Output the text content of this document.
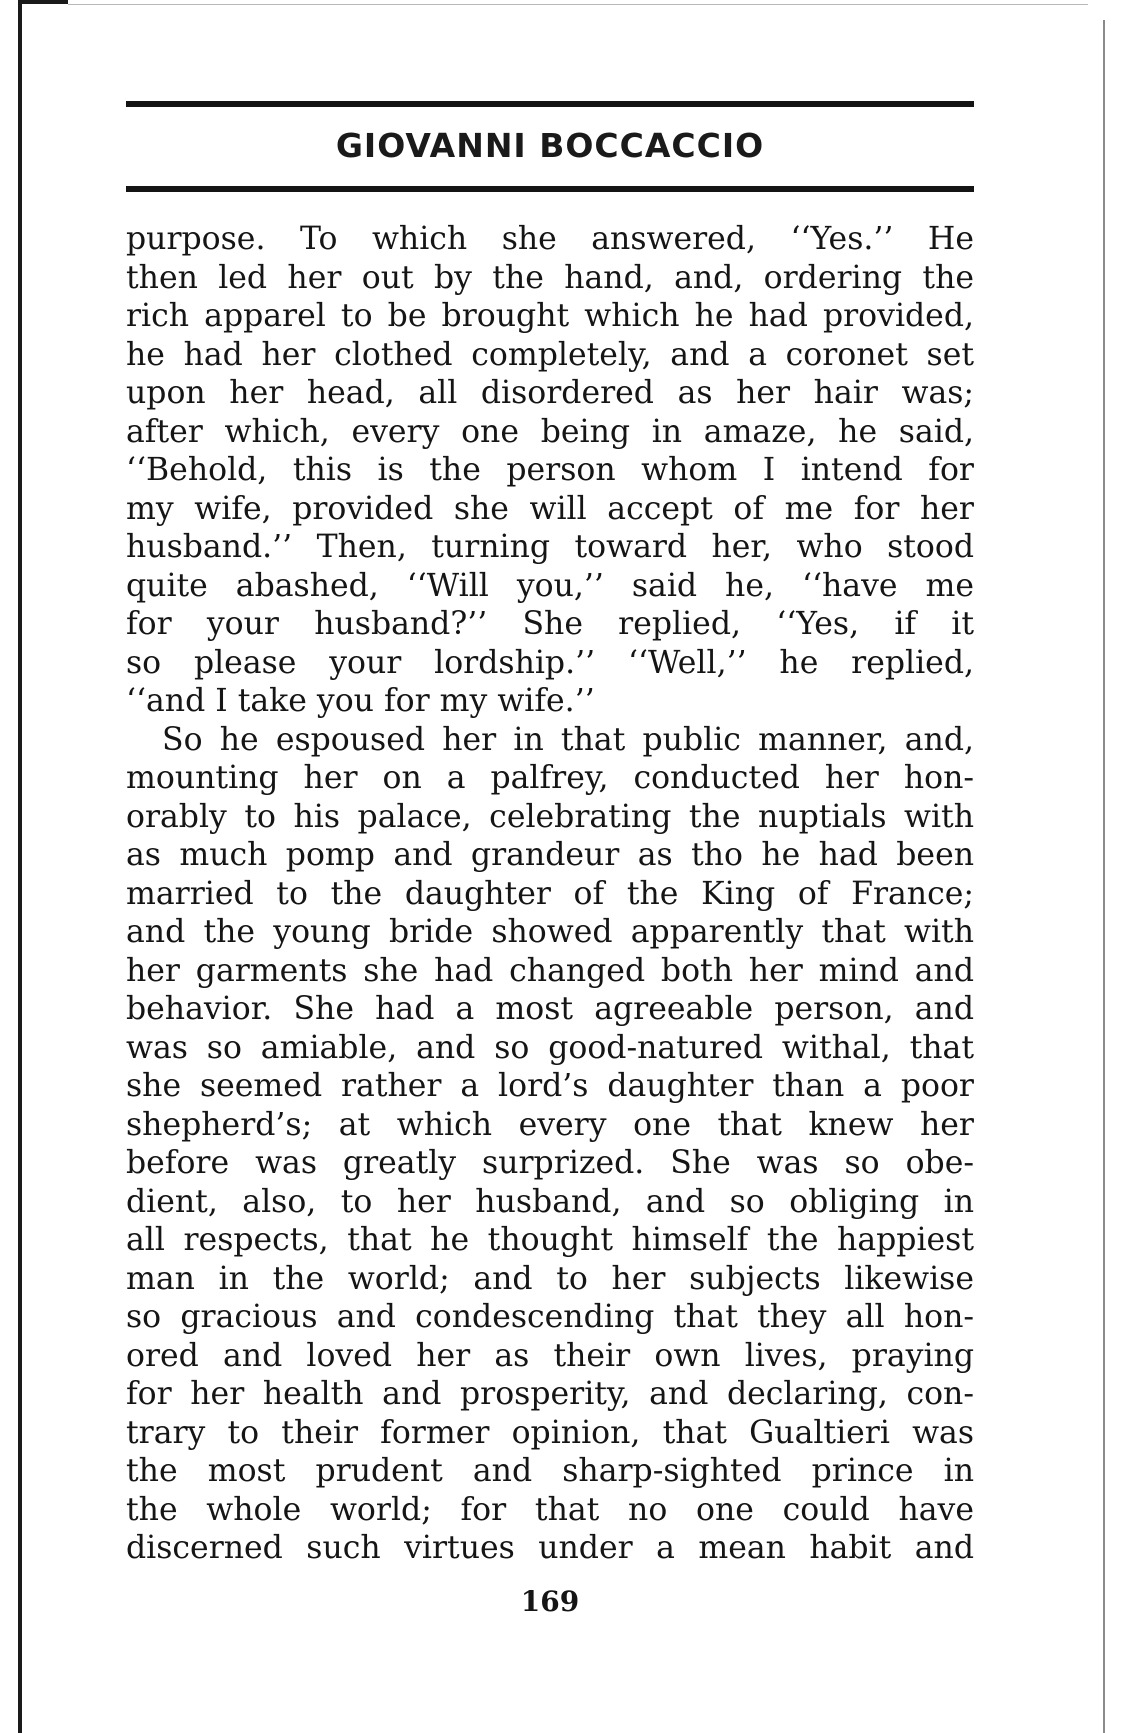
GIOVANNI BOCCACCIO
purpose. To which she answered, ‘‘Yes.’’ He
then led her out by the hand, and, ordering the
rich apparel to be brought which he had provided,
he had her clothed completely, and a coronet set
upon her head, all disordered as her hair was;
after which, every one being in amaze, he said,
‘‘Behold, this is the person whom I intend for
my wife, provided she will accept of me for her
husband.’’ Then, turning toward her, who stood
quite abashed, ‘‘Will you,’’ said he, ‘‘have me
for your husband?’’ She replied, ‘‘Yes, if it
so please your lordship.’’ ‘‘Well,’’ he replied,
‘‘and I take you for my wife.’’
So he espoused her in that public manner, and,
mounting her on a palfrey, conducted her hon-
orably to his palace, celebrating the nuptials with
as much pomp and grandeur as tho he had been
married to the daughter of the King of France;
and the young bride showed apparently that with
her garments she had changed both her mind and
behavior. She had a most agreeable person, and
was so amiable, and so good-natured withal, that
she seemed rather a lord’s daughter than a poor
shepherd’s; at which every one that knew her
before was greatly surprized. She was so obe-
dient, also, to her husband, and so obliging in
all respects, that he thought himself the happiest
man in the world; and to her subjects likewise
so gracious and condescending that they all hon-
ored and loved her as their own lives, praying
for her health and prosperity, and declaring, con-
trary to their former opinion, that Gualtieri was
the most prudent and sharp-sighted prince in
the whole world; for that no one could have
discerned such virtues under a mean habit and
169
